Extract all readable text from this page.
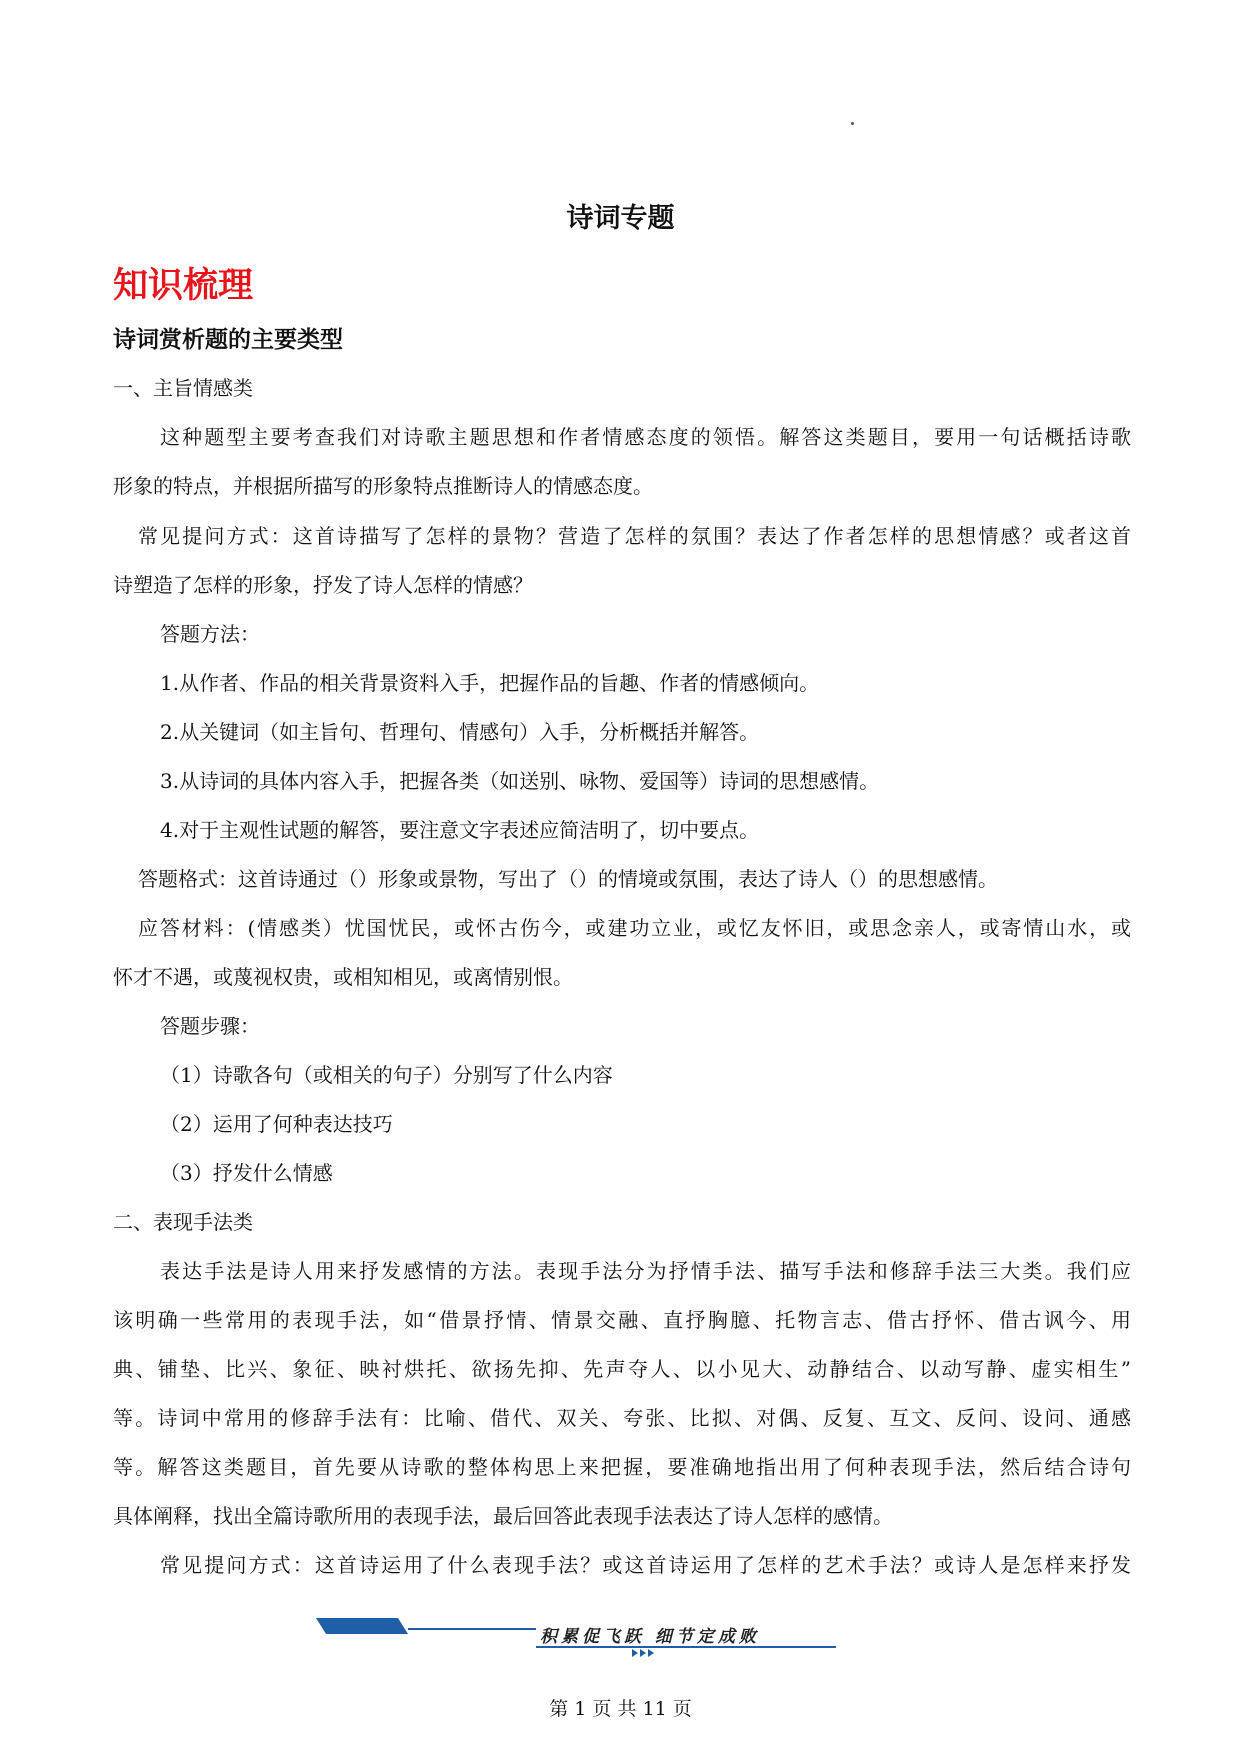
诗词专题
知识梳理
诗词赏析题的主要类型
一、主旨情感类
这种题型主要考查我们对诗歌主题思想和作者情感态度的领悟。解答这类题目，要用一句话概括诗歌
形象的特点，并根据所描写的形象特点推断诗人的情感态度。
常见提问方式：这首诗描写了怎样的景物？营造了怎样的氛围？表达了作者怎样的思想情感？或者这首
诗塑造了怎样的形象，抒发了诗人怎样的情感？
答题方法：
1.从作者、作品的相关背景资料入手，把握作品的旨趣、作者的情感倾向。
2.从关键词（如主旨句、哲理句、情感句）入手，分析概括并解答。
3.从诗词的具体内容入手，把握各类（如送别、咏物、爱国等）诗词的思想感情。
4.对于主观性试题的解答，要注意文字表述应简洁明了，切中要点。
答题格式：这首诗通过（）形象或景物，写出了（）的情境或氛围，表达了诗人（）的思想感情。
应答材料：(情感类）忧国忧民，或怀古伤今，或建功立业，或忆友怀旧，或思念亲人，或寄情山水，或
怀才不遇，或蔑视权贵，或相知相见，或离情别恨。
答题步骤：
（1）诗歌各句（或相关的句子）分别写了什么内容
（2）运用了何种表达技巧
（3）抒发什么情感
二、表现手法类
表达手法是诗人用来抒发感情的方法。表现手法分为抒情手法、描写手法和修辞手法三大类。我们应
该明确一些常用的表现手法，如“借景抒情、情景交融、直抒胸臆、托物言志、借古抒怀、借古讽今、用
典、铺垫、比兴、象征、映衬烘托、欲扬先抑、先声夺人、以小见大、动静结合、以动写静、虚实相生”
等。诗词中常用的修辞手法有：比喻、借代、双关、夸张、比拟、对偶、反复、互文、反问、设问、通感
等。解答这类题目，首先要从诗歌的整体构思上来把握，要准确地指出用了何种表现手法，然后结合诗句
具体阐释，找出全篇诗歌所用的表现手法，最后回答此表现手法表达了诗人怎样的感情。
常见提问方式：这首诗运用了什么表现手法？或这首诗运用了怎样的艺术手法？或诗人是怎样来抒发
积累促飞跃 细节定成败
第 1 页 共 11 页
